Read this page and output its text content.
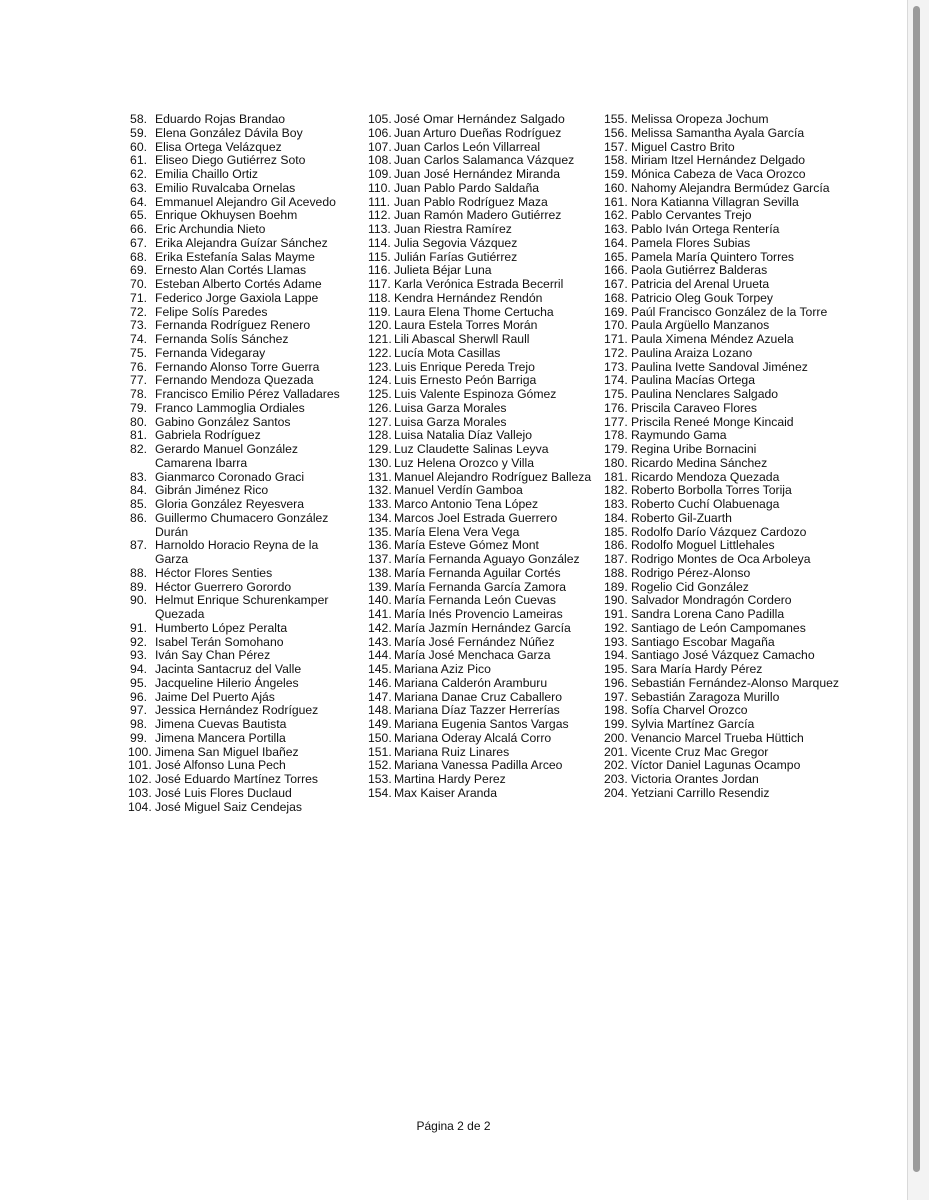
58. Eduardo Rojas Brandao
59. Elena González Dávila Boy
60. Elisa Ortega Velázquez
61. Eliseo Diego Gutiérrez Soto
62. Emilia Chaillo Ortiz
63. Emilio Ruvalcaba Ornelas
64. Emmanuel Alejandro Gil Acevedo
65. Enrique Okhuysen Boehm
66. Eric Archundia Nieto
67. Erika Alejandra Guízar Sánchez
68. Erika Estefanía Salas Mayme
69. Ernesto Alan Cortés Llamas
70. Esteban Alberto Cortés Adame
71. Federico Jorge Gaxiola Lappe
72. Felipe Solís Paredes
73. Fernanda Rodríguez Renero
74. Fernanda Solís Sánchez
75. Fernanda Videgaray
76. Fernando Alonso Torre Guerra
77. Fernando Mendoza Quezada
78. Francisco Emilio Pérez Valladares
79. Franco Lammoglia Ordiales
80. Gabino González Santos
81. Gabriela Rodríguez
82. Gerardo Manuel González Camarena Ibarra
83. Gianmarco Coronado Graci
84. Gibrán Jiménez Rico
85. Gloria González Reyesvera
86. Guillermo Chumacero González Durán
87. Harnoldo Horacio Reyna de la Garza
88. Héctor Flores Senties
89. Héctor Guerrero Gorordo
90. Helmut Enrique Schurenkamper Quezada
91. Humberto López Peralta
92. Isabel Terán Somohano
93. Iván Say Chan Pérez
94. Jacinta Santacruz del Valle
95. Jacqueline Hilerio Ángeles
96. Jaime Del Puerto Ajás
97. Jessica Hernández Rodríguez
98. Jimena Cuevas Bautista
99. Jimena Mancera Portilla
100. Jimena San Miguel Ibañez
101. José Alfonso Luna Pech
102. José Eduardo Martínez Torres
103. José Luis Flores Duclaud
104. José Miguel Saiz Cendejas
105. José Omar Hernández Salgado
106. Juan Arturo Dueñas Rodríguez
107. Juan Carlos León Villarreal
108. Juan Carlos Salamanca Vázquez
109. Juan José Hernández Miranda
110. Juan Pablo Pardo Saldaña
111. Juan Pablo Rodríguez Maza
112. Juan Ramón Madero Gutiérrez
113. Juan Riestra Ramírez
114. Julia Segovia Vázquez
115. Julián Farías Gutiérrez
116. Julieta Béjar Luna
117. Karla Verónica Estrada Becerril
118. Kendra Hernández Rendón
119. Laura Elena Thome Certucha
120. Laura Estela Torres Morán
121. Lili Abascal Sherwll Raull
122. Lucía Mota Casillas
123. Luis Enrique Pereda Trejo
124. Luis Ernesto Peón Barriga
125. Luis Valente Espinoza Gómez
126. Luisa Garza Morales
127. Luisa Garza Morales
128. Luisa Natalia Díaz Vallejo
129. Luz Claudette Salinas Leyva
130. Luz Helena Orozco y Villa
131. Manuel Alejandro Rodríguez Balleza
132. Manuel Verdín Gamboa
133. Marco Antonio Tena López
134. Marcos Joel Estrada Guerrero
135. María Elena Vera Vega
136. María Esteve Gómez Mont
137. María Fernanda Aguayo González
138. María Fernanda Aguilar Cortés
139. María Fernanda García Zamora
140. María Fernanda León Cuevas
141. María Inés Provencio Lameiras
142. María Jazmín Hernández García
143. María José Fernández Núñez
144. María José Menchaca Garza
145. Mariana Aziz Pico
146. Mariana Calderón Aramburu
147. Mariana Danae Cruz Caballero
148. Mariana Díaz Tazzer Herrerías
149. Mariana Eugenia Santos Vargas
150. Mariana Oderay Alcalá Corro
151. Mariana Ruiz Linares
152. Mariana Vanessa Padilla Arceo
153. Martina Hardy Perez
154. Max Kaiser Aranda
155. Melissa Oropeza Jochum
156. Melissa Samantha Ayala García
157. Miguel Castro Brito
158. Miriam Itzel Hernández Delgado
159. Mónica Cabeza de Vaca Orozco
160. Nahomy Alejandra Bermúdez García
161. Nora Katianna Villagran Sevilla
162. Pablo Cervantes Trejo
163. Pablo Iván Ortega Rentería
164. Pamela Flores Subias
165. Pamela María Quintero Torres
166. Paola Gutiérrez Balderas
167. Patricia del Arenal Urueta
168. Patricio Oleg Gouk Torpey
169. Paúl Francisco González de la Torre
170. Paula Argüello Manzanos
171. Paula Ximena Méndez Azuela
172. Paulina Araiza Lozano
173. Paulina Ivette Sandoval Jiménez
174. Paulina Macías Ortega
175. Paulina Nenclares Salgado
176. Priscila Caraveo Flores
177. Priscila Reneé Monge Kincaid
178. Raymundo Gama
179. Regina Uribe Bornacini
180. Ricardo Medina Sánchez
181. Ricardo Mendoza Quezada
182. Roberto Borbolla Torres Torija
183. Roberto Cuchí Olabuenaga
184. Roberto Gil-Zuarth
185. Rodolfo Darío Vázquez Cardozo
186. Rodolfo Moguel Littlehales
187. Rodrigo Montes de Oca Arboleya
188. Rodrigo Pérez-Alonso
189. Rogelio Cid González
190. Salvador Mondragón Cordero
191. Sandra Lorena Cano Padilla
192. Santiago de León Campomanes
193. Santiago Escobar Magaña
194. Santiago José Vázquez Camacho
195. Sara María Hardy Pérez
196. Sebastián Fernández-Alonso Marquez
197. Sebastián Zaragoza Murillo
198. Sofía Charvel Orozco
199. Sylvia Martínez García
200. Venancio Marcel Trueba Hüttich
201. Vicente Cruz Mac Gregor
202. Víctor Daniel Lagunas Ocampo
203. Victoria Orantes Jordan
204. Yetziani Carrillo Resendiz
Página 2 de 2
